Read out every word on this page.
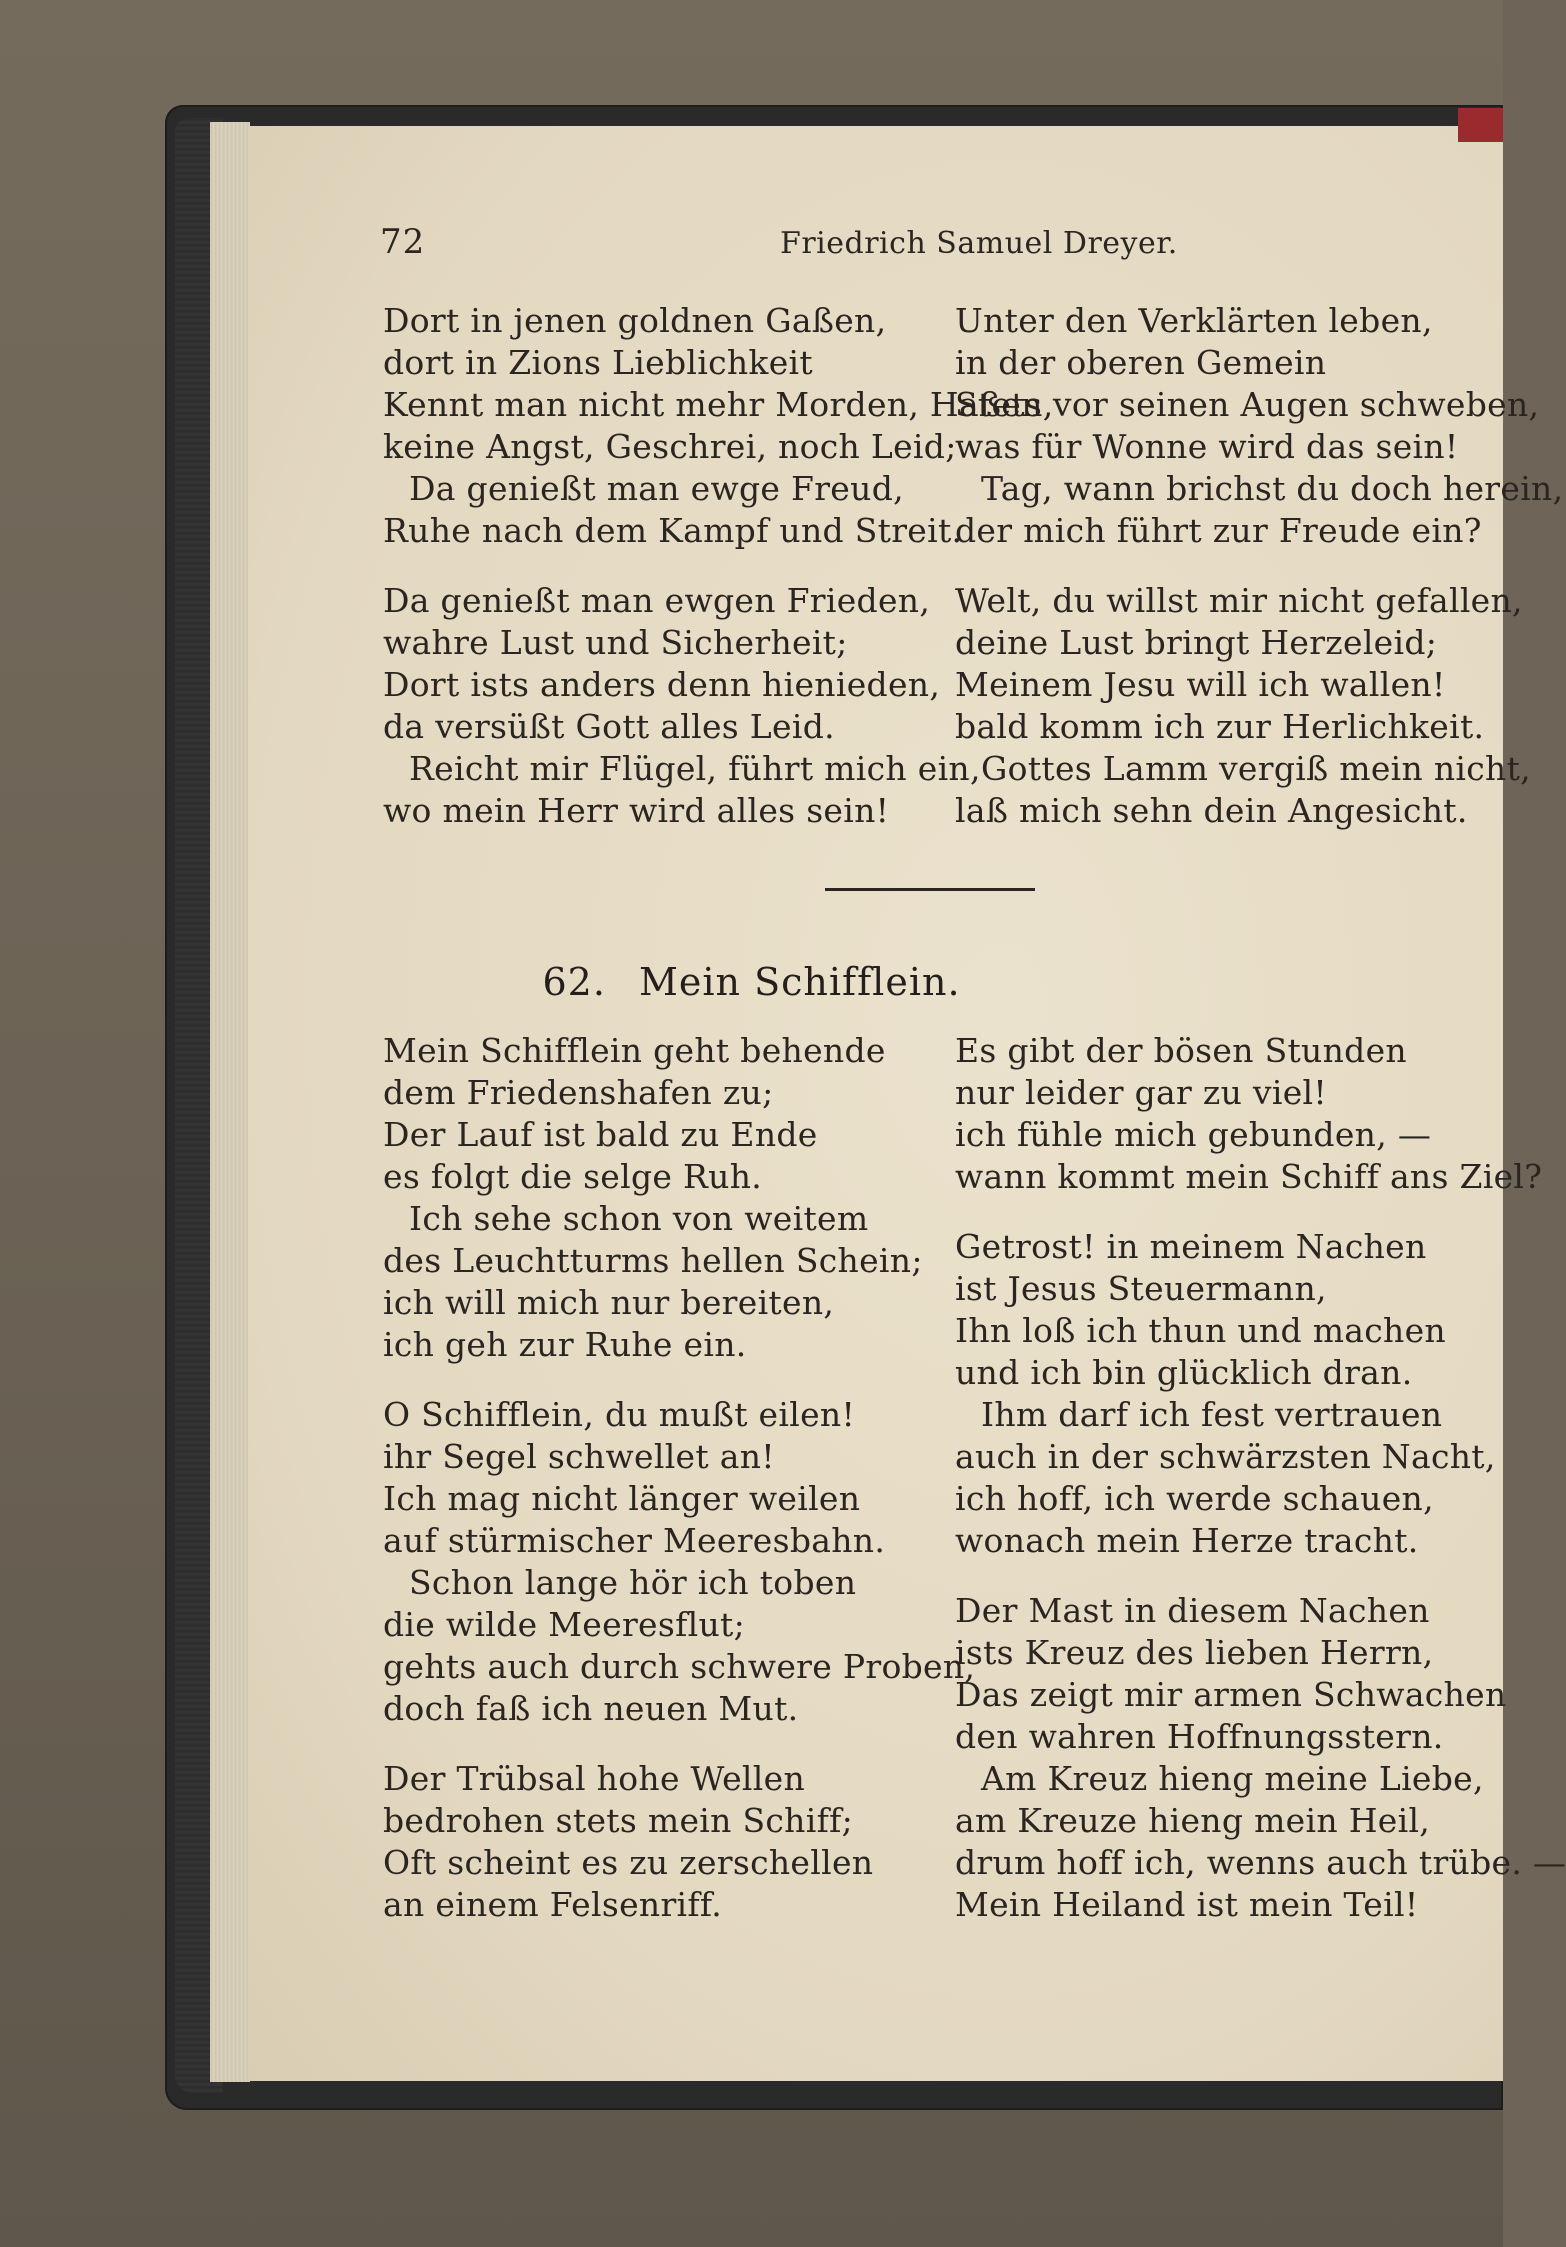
72	Friedrich Samuel Dreyer.
Dort in jenen goldnen Gaßen,
dort in Zions Lieblichkeit
Kennt man nicht mehr Morden, Haßen,
keine Angst, Geschrei, noch Leid;
Da genießt man ewge Freud,
Ruhe nach dem Kampf und Streit.
Da genießt man ewgen Frieden,
wahre Lust und Sicherheit;
Dort ists anders denn hienieden,
da versüßt Gott alles Leid.
Reicht mir Flügel, führt mich ein,
wo mein Herr wird alles sein!
Unter den Verklärten leben,
in der oberen Gemein
Stets vor seinen Augen schweben,
was für Wonne wird das sein!
Tag, wann brichst du doch herein,
der mich führt zur Freude ein?
Welt, du willst mir nicht gefallen,
deine Lust bringt Herzeleid;
Meinem Jesu will ich wallen!
bald komm ich zur Herlichkeit.
Gottes Lamm vergiß mein nicht,
laß mich sehn dein Angesicht.
62. Mein Schifflein.
Mein Schifflein geht behende
dem Friedenshafen zu;
Der Lauf ist bald zu Ende
es folgt die selge Ruh.
Ich sehe schon von weitem
des Leuchtturms hellen Schein;
ich will mich nur bereiten,
ich geh zur Ruhe ein.
O Schifflein, du mußt eilen!
ihr Segel schwellet an!
Ich mag nicht länger weilen
auf stürmischer Meeresbahn.
Schon lange hör ich toben
die wilde Meeresflut;
gehts auch durch schwere Proben,
doch faß ich neuen Mut.
Der Trübsal hohe Wellen
bedrohen stets mein Schiff;
Oft scheint es zu zerschellen
an einem Felsenriff.
Es gibt der bösen Stunden
nur leider gar zu viel!
ich fühle mich gebunden, —
wann kommt mein Schiff ans Ziel?
Getrost! in meinem Nachen
ist Jesus Steuermann,
Ihn loß ich thun und machen
und ich bin glücklich dran.
Ihm darf ich fest vertrauen
auch in der schwärzsten Nacht,
ich hoff, ich werde schauen,
wonach mein Herze tracht.
Der Mast in diesem Nachen
ists Kreuz des lieben Herrn,
Das zeigt mir armen Schwachen
den wahren Hoffnungsstern.
Am Kreuz hieng meine Liebe,
am Kreuze hieng mein Heil,
drum hoff ich, wenns auch trübe. —
Mein Heiland ist mein Teil!
